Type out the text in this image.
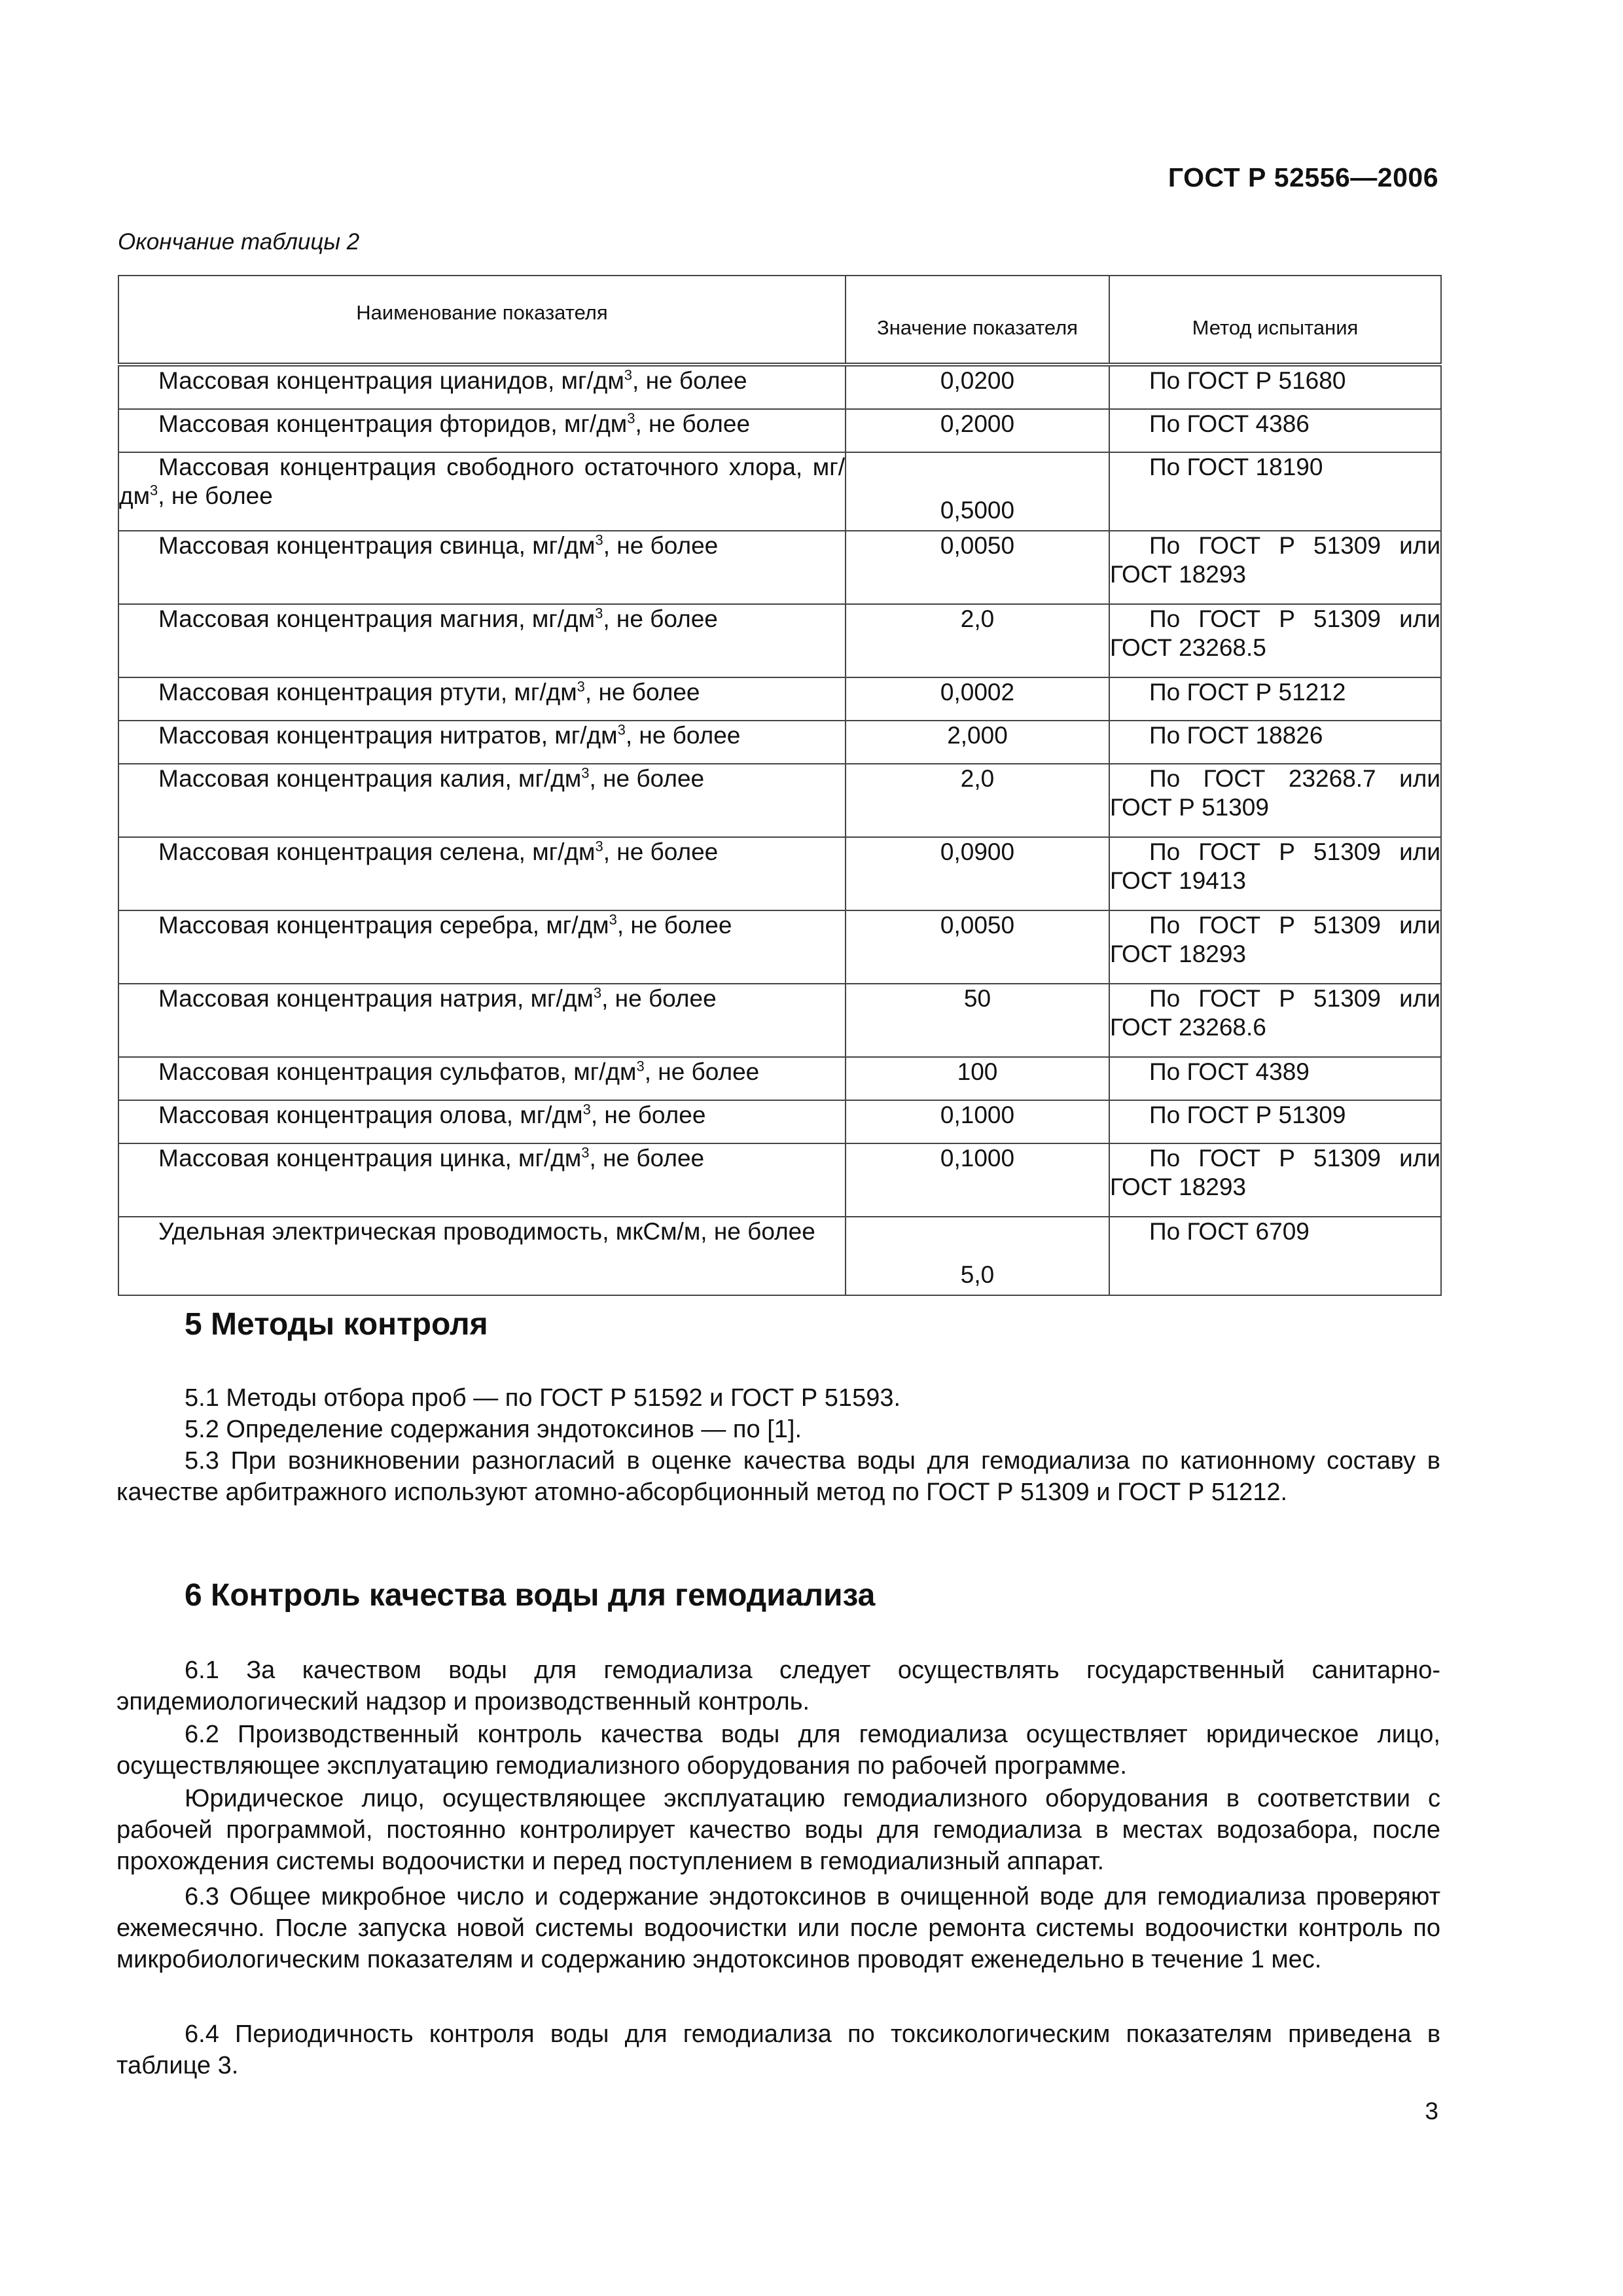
ГОСТ Р 52556—2006
Окончание таблицы 2
Наименование показателя	Значение показателя	Метод испытания
Массовая концентрация цианидов, $мг/дм^3$, не более	0,0200	По ГОСТ Р 51680
Массовая концентрация фторидов, $мг/дм^3$, не более	0,2000	По ГОСТ 4386
Массовая концентрация свободного остаточного хлора, $мг/дм^3$, не более	0,5000	По ГОСТ 18190
Массовая концентрация свинца, $мг/дм^3$, не более	0,0050	По ГОСТ Р 51309 или ГОСТ 18293
Массовая концентрация магния, $мг/дм^3$, не более	2,0	По ГОСТ Р 51309 или ГОСТ 23268.5
Массовая концентрация ртути, $мг/дм^3$, не более	0,0002	По ГОСТ Р 51212
Массовая концентрация нитратов, $мг/дм^3$, не более	2,000	По ГОСТ 18826
Массовая концентрация калия, $мг/дм^3$, не более	2,0	По ГОСТ 23268.7 или ГОСТ Р 51309
Массовая концентрация селена, $мг/дм^3$, не более	0,0900	По ГОСТ Р 51309 или ГОСТ 19413
Массовая концентрация серебра, $мг/дм^3$, не более	0,0050	По ГОСТ Р 51309 или ГОСТ 18293
Массовая концентрация натрия, $мг/дм^3$, не более	50	По ГОСТ Р 51309 или ГОСТ 23268.6
Массовая концентрация сульфатов, $мг/дм^3$, не более	100	По ГОСТ 4389
Массовая концентрация олова, $мг/дм^3$, не более	0,1000	По ГОСТ Р 51309
Массовая концентрация цинка, $мг/дм^3$, не более	0,1000	По ГОСТ Р 51309 или ГОСТ 18293
Удельная электрическая проводимость, мкСм/м, не более	5,0	По ГОСТ 6709
5 Методы контроля

5.1 Методы отбора проб — по ГОСТ Р 51592 и ГОСТ Р 51593.

5.2 Определение содержания эндотоксинов — по [1].

5.3 При возникновении разногласий в оценке качества воды для гемодиализа по катионному составу в качестве арбитражного используют атомно-абсорбционный метод по ГОСТ Р 51309 и ГОСТ Р 51212.

6 Контроль качества воды для гемодиализа

6.1 За качеством воды для гемодиализа следует осуществлять государственный санитарно-эпидемиологический надзор и производственный контроль.

6.2 Производственный контроль качества воды для гемодиализа осуществляет юридическое лицо, осуществляющее эксплуатацию гемодиализного оборудования по рабочей программе.

Юридическое лицо, осуществляющее эксплуатацию гемодиализного оборудования в соответствии с рабочей программой, постоянно контролирует качество воды для гемодиализа в местах водозабора, после прохождения системы водоочистки и перед поступлением в гемодиализный аппарат.

6.3 Общее микробное число и содержание эндотоксинов в очищенной воде для гемодиализа проверяют ежемесячно. После запуска новой системы водоочистки или после ремонта системы водоочистки контроль по микробиологическим показателям и содержанию эндотоксинов проводят еженедельно в течение 1 мес.

6.4 Периодичность контроля воды для гемодиализа по токсикологическим показателям приведена в таблице 3.

3
